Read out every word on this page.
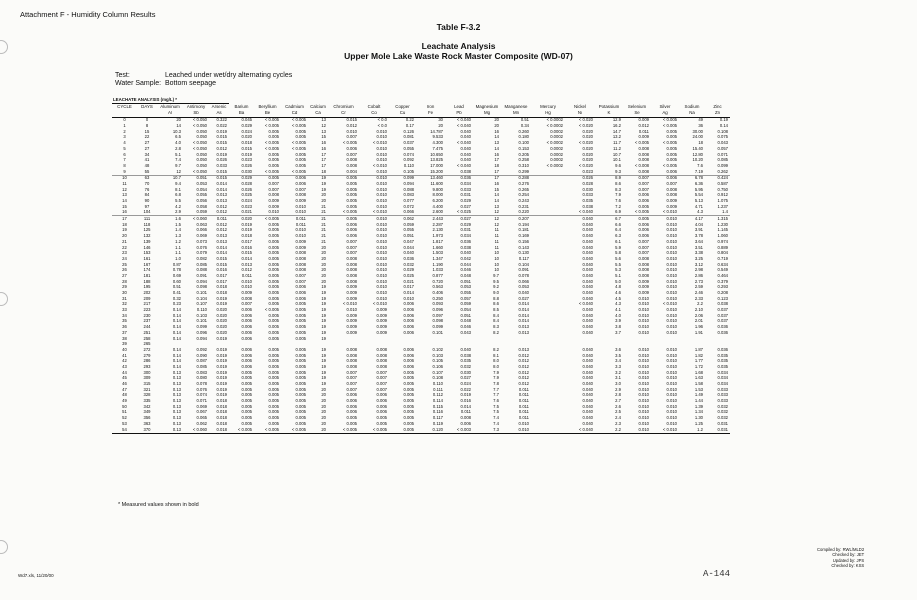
Attachment F - Humidity Column Results
Table F-3.2
Leachate Analysis
Upper Mole Lake Waste Rock Master Composite (WD-07)
Test:	Leached under wet/dry alternating cycles
Water Sample: Bottom seepage
LEACHATE ANALYSIS (mg/L) *																						
CYCLE	DAYS	Aluminum	Antimony	Arsenic	Barium	Beryllium	Cadmium	Calcium	Chromium	Cobalt	Copper	Iron	Lead	Magnesium	Manganese	Mercury	Nickel	Potassium	Selenium	Silver	Sodium	Zinc
		Al	Sb	As	Ba	Be	Cd	Ca	Cr	Co	Cu	Fe	Pb	Mg	Mn	Hg	Ni	K	Se	Ag	Na	Zn
0	0	20	< 0.050	0.322	0.045	< 0.005	< 0.005	13	0.015	< 0.0	0.22	30	< 0.040	20	0.51	< 0.0002	< 0.020	12.9	0.009	< 0.005	49	0.19
1	8	14	< 0.050	0.022	0.029	< 0.005	< 0.005	12	0.012	< 0.0	0.17	20	< 0.040	20	0.34	< 0.0002	< 0.020	16.2	0.012	< 0.005	36	0.14
2	15	10.3	0.050	0.019	0.024	0.005	0.005	13	0.010	0.010	0.126	14.787	0.040	16	0.260	0.0002	0.020	14.7	0.011	0.005	30.00	0.108
3	22	6.5	0.050	0.015	0.020	0.005	0.005	15	0.007	0.010	0.081	9.533	0.040	14	0.180	0.0002	0.020	13.2	0.009	0.005	24.00	0.075
4	27	4.0	< 0.050	0.015	0.018	< 0.005	< 0.005	16	< 0.005	< 0.010	0.037	4.300	< 0.040	13	0.100	< 0.0002	< 0.020	11.7	< 0.005	< 0.005	18	0.043
5	27	2.8	< 0.050	0.012	0.015	< 0.005	< 0.005	16	0.006	0.010	0.055	7.475	0.040	14	0.153	0.0002	0.020	11.2	0.008	0.005	15.40	0.057
6	34	5.1	0.050	0.019	0.019	0.005	0.005	17	0.007	0.010	0.074	10.650	0.040	16	0.205	0.0002	0.020	10.7	0.008	0.005	12.80	0.071
7	41	7.4	0.050	0.026	0.023	0.005	0.005	17	0.008	0.010	0.092	13.825	0.040	17	0.258	0.0002	0.020	10.1	0.008	0.005	10.20	0.085
8	48	9.7	0.050	0.033	0.026	0.005	0.005	17	0.008	< 0.010	0.110	17.000	< 0.040	18	0.310	< 0.0002	< 0.020	9.6	< 0.008	< 0.005	7.6	0.099
9	55	12	< 0.050	0.015	0.030	< 0.005	< 0.005	18	0.004	0.010	0.105	15.200	0.038	17	0.299		0.023	9.3	0.008	0.006	7.19	0.262
10	63	10.7	0.051	0.015	0.029	0.005	0.006	19	0.005	0.010	0.099	13.460	0.036	17	0.288		0.026	8.9	0.007	0.006	6.78	0.424
11	70	9.4	0.053	0.014	0.028	0.007	0.006	19	0.005	0.010	0.094	11.600	0.034	16	0.276		0.028	8.6	0.007	0.007	6.36	0.587
12	76	8.1	0.054	0.014	0.026	0.007	0.007	19	0.005	0.010	0.088	9.800	0.033	15	0.265		0.030	8.3	0.007	0.008	5.95	0.750
13	84	6.8	0.055	0.013	0.025	0.008	0.008	20	0.005	0.010	0.083	8.000	0.031	14	0.254		0.033	7.9	0.006	0.008	5.54	0.912
14	90	5.5	0.056	0.013	0.024	0.009	0.009	20	0.005	0.010	0.077	6.200	0.029	14	0.243		0.035	7.6	0.006	0.009	5.13	1.075
15	97	4.2	0.058	0.012	0.023	0.009	0.010	21	0.005	0.010	0.072	4.400	0.027	13	0.231		0.038	7.2	0.005	0.009	4.71	1.237
16	104	2.9	0.059	0.012	0.021	0.010	0.010	21	< 0.005	< 0.010	0.066	2.600	< 0.025	12	0.220		< 0.040	6.9	< 0.005	< 0.010	4.3	1.4
17	111	1.6	< 0.060	0.011	0.020	< 0.005	0.011	21	0.005	0.010	0.062	2.443	0.027	12	0.207		0.040	6.7	0.005	0.010	4.17	1.315
18	118	1.5	0.063	0.012	0.019	0.005	0.011	21	0.006	0.010	0.059	2.287	0.029	12	0.194		0.040	6.6	0.006	0.010	4.04	1.230
19	125	1.4	0.066	0.012	0.019	0.005	0.010	21	0.006	0.010	0.055	2.130	0.031	11	0.181		0.040	6.4	0.006	0.010	3.91	1.145
20	132	1.3	0.069	0.013	0.018	0.005	0.010	21	0.006	0.010	0.051	1.973	0.034	11	0.169		0.040	6.3	0.006	0.010	3.78	1.060
21	139	1.2	0.073	0.013	0.017	0.005	0.009	21	0.007	0.010	0.047	1.817	0.036	11	0.156		0.040	6.1	0.007	0.010	3.64	0.974
22	146	1.1	0.076	0.014	0.016	0.005	0.009	20	0.007	0.010	0.044	1.660	0.038	11	0.143		0.040	5.9	0.007	0.010	3.51	0.889
23	153	1.1	0.079	0.014	0.015	0.005	0.008	20	0.007	0.010	0.040	1.503	0.040	10	0.130		0.040	5.8	0.007	0.010	3.38	0.804
24	161	1.0	0.082	0.015	0.014	0.005	0.008	20	0.008	0.010	0.036	1.347	0.042	10	0.117		0.040	5.6	0.008	0.010	3.25	0.719
25	167	0.87	0.085	0.015	0.013	0.005	0.008	20	0.008	0.010	0.032	1.190	0.044	10	0.104		0.040	5.5	0.008	0.010	3.12	0.634
26	174	0.78	0.088	0.016	0.012	0.005	0.008	20	0.008	0.010	0.029	1.033	0.046	10	0.091		0.040	5.3	0.008	0.010	2.98	0.549
27	181	0.69	0.091	0.017	0.011	0.005	0.007	20	0.008	0.010	0.025	0.877	0.048	9.7	0.078		0.040	5.1	0.008	0.010	2.86	0.464
28	188	0.60	0.094	0.017	0.010	0.005	0.007	20	0.008	0.010	0.021	0.720	0.051	9.5	0.066		0.040	5.0	0.009	0.010	2.73	0.379
29	195	0.51	0.098	0.018	0.010	0.005	0.006	19	0.009	0.010	0.017	0.563	0.053	9.2	0.053		0.040	4.8	0.009	0.010	2.59	0.293
30	202	0.41	0.101	0.018	0.009	0.005	0.006	19	0.009	0.010	0.014	0.406	0.055	9.0	0.040		0.040	4.6	0.009	0.010	2.46	0.208
31	209	0.32	0.104	0.019	0.008	0.005	0.006	19	0.009	0.010	0.010	0.250	0.057	8.8	0.027		0.040	4.5	0.010	0.010	2.33	0.123
32	217	0.23	0.107	0.019	0.007	0.005	0.005	19	< 0.010	< 0.010	0.006	0.093	0.059	8.6	0.014		< 0.040	4.3	0.010	< 0.010	2.2	0.038
33	223	0.14	0.110	0.020	0.006	< 0.005	0.005	19	0.010	0.009	0.006	0.096	0.054	8.5	0.014		0.040	4.1	0.010	0.010	2.10	0.037
34	230	0.14	0.103	0.020	0.006	0.005	0.005	19	0.009	0.009	0.006	0.097	0.051	8.4	0.014		0.040	4.0	0.010	0.010	2.06	0.037
35	237	0.14	0.101	0.020	0.006	0.005	0.005	19	0.009	0.009	0.006	0.098	0.048	8.4	0.014		0.040	3.9	0.010	0.010	2.01	0.037
36	244	0.14	0.099	0.020	0.006	0.005	0.005	19	0.009	0.009	0.006	0.099	0.046	8.3	0.013		0.040	3.8	0.010	0.010	1.96	0.036
37	251	0.14	0.096	0.020	0.006	0.005	0.005	19	0.009	0.009	0.006	0.101	0.043	8.2	0.013		0.040	3.7	0.010	0.010	1.91	0.036
38	258	0.14	0.094	0.019	0.006	0.005	0.005	19														
39	265																					
40	272	0.14	0.092	0.019	0.006	0.005	0.005	19	0.008	0.008	0.006	0.102	0.040	8.2	0.013		0.040	3.6	0.010	0.010	1.87	0.036
41	279	0.14	0.090	0.019	0.006	0.005	0.005	19	0.008	0.008	0.006	0.103	0.038	8.1	0.012		0.040	3.5	0.010	0.010	1.82	0.035
42	286	0.14	0.087	0.019	0.006	0.005	0.005	19	0.008	0.008	0.006	0.105	0.035	8.0	0.012		0.040	3.4	0.010	0.010	1.77	0.035
43	293	0.14	0.085	0.019	0.006	0.005	0.005	19	0.008	0.008	0.006	0.106	0.032	8.0	0.012		0.040	3.3	0.010	0.010	1.72	0.035
44	300	0.13	0.083	0.019	0.005	0.005	0.005	19	0.007	0.007	0.005	0.107	0.030	7.9	0.012		0.040	3.2	0.010	0.010	1.68	0.034
45	309	0.13	0.080	0.019	0.005	0.005	0.005	19	0.007	0.007	0.005	0.108	0.027	7.9	0.012		0.040	3.1	0.010	0.010	1.63	0.034
46	315	0.13	0.078	0.019	0.005	0.005	0.005	19	0.007	0.007	0.005	0.110	0.024	7.8	0.012		0.040	3.0	0.010	0.010	1.58	0.034
47	321	0.13	0.076	0.019	0.005	0.005	0.005	20	0.007	0.007	0.005	0.111	0.022	7.7	0.011		0.040	2.9	0.010	0.010	1.53	0.033
48	328	0.13	0.074	0.019	0.005	0.005	0.005	20	0.006	0.006	0.005	0.112	0.019	7.7	0.011		0.040	2.8	0.010	0.010	1.49	0.033
49	335	0.13	0.071	0.018	0.005	0.005	0.005	20	0.006	0.006	0.005	0.114	0.016	7.6	0.011		0.040	2.7	0.010	0.010	1.44	0.033
50	342	0.13	0.069	0.018	0.005	0.005	0.005	20	0.006	0.006	0.005	0.115	0.014	7.5	0.011		0.040	2.6	0.010	0.010	1.39	0.032
51	349	0.13	0.067	0.018	0.005	0.005	0.005	20	0.006	0.006	0.005	0.116	0.011	7.5	0.011		0.040	2.5	0.010	0.010	1.34	0.032
52	356	0.13	0.065	0.018	0.005	0.005	0.005	20	0.005	0.005	0.005	0.117	0.008	7.4	0.011		0.040	2.4	0.010	0.010	1.30	0.032
53	363	0.13	0.062	0.018	0.005	0.005	0.005	20	0.005	0.005	0.005	0.119	0.006	7.4	0.010		0.040	2.3	0.010	0.010	1.25	0.031
54	370	0.13	< 0.060	0.018	< 0.005	< 0.005	< 0.005	20	< 0.005	< 0.005	0.005	0.120	< 0.003	7.3	0.010		< 0.040	2.2	0.010	< 0.010	1.2	0.031
* Measured values shown in bold
Wd7.xls, 11/20/00	A-144
Compiled by: RWL/MLD2
Checked by: JET
Updated by: JPS
Checked by: KSS
